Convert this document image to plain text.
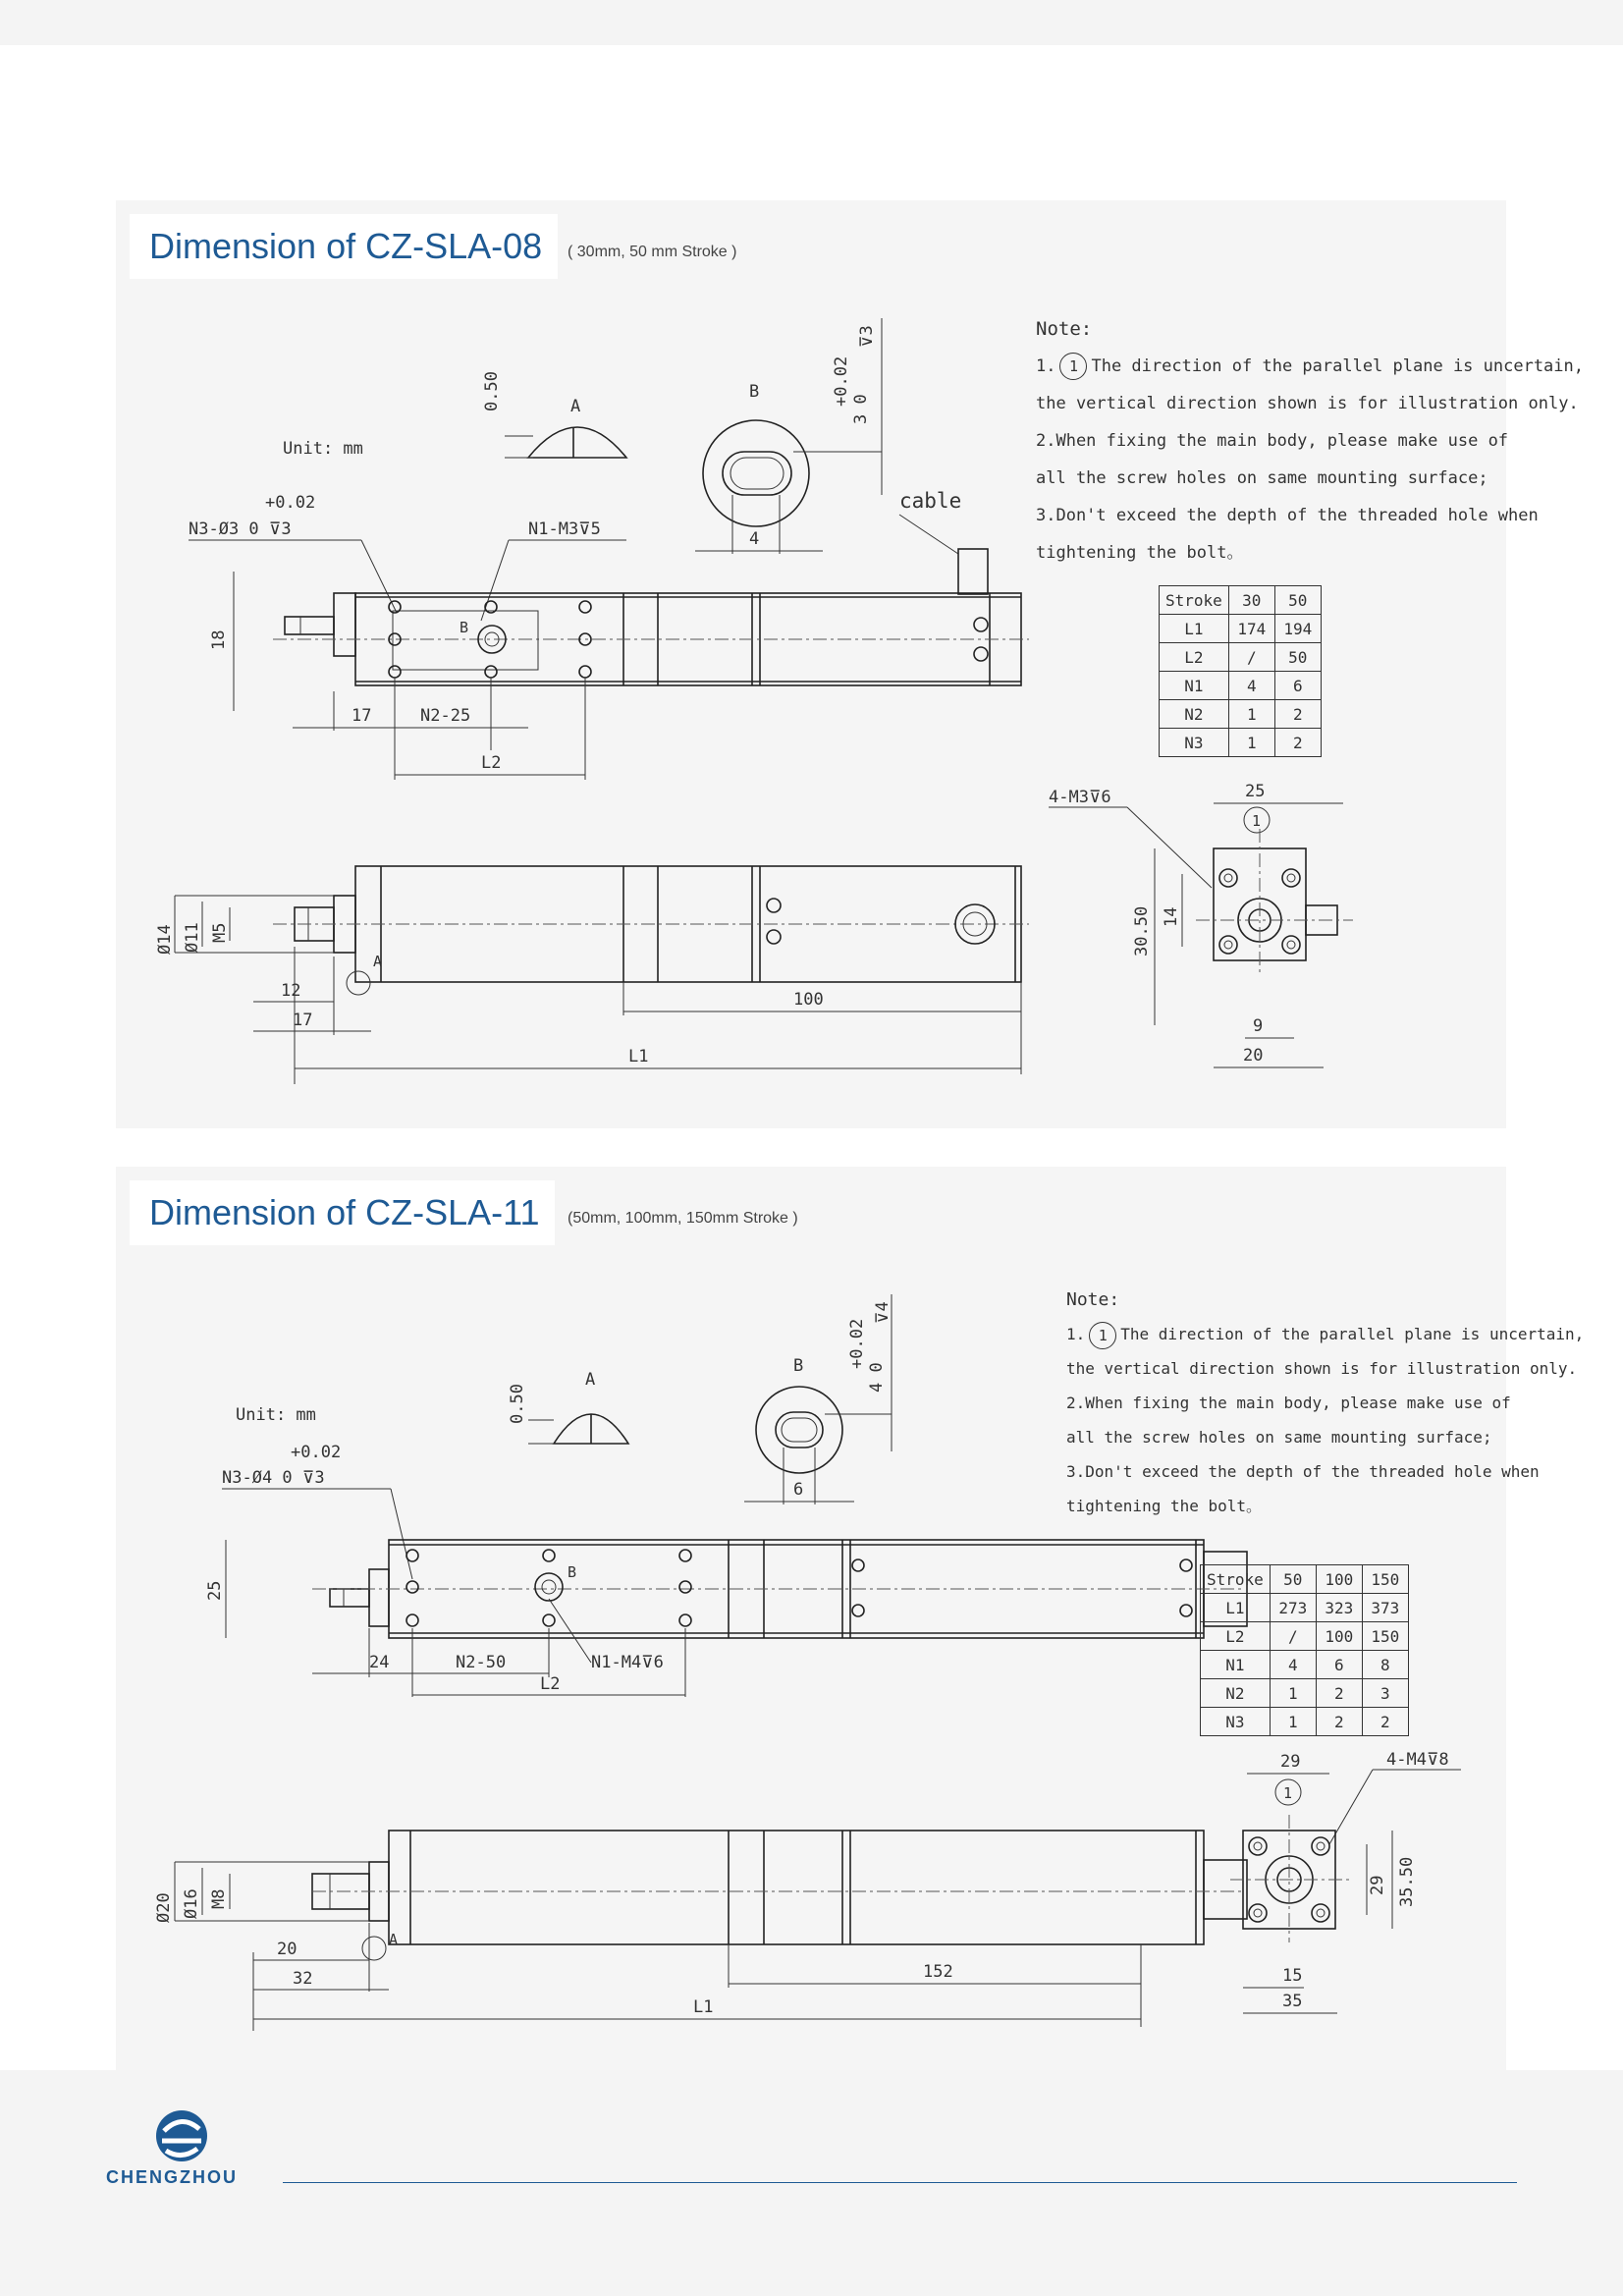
Dimension of CZ-SLA-08 ( 30mm, 50 mm Stroke )
Unit: mm
A
0.50	B
4
+0.02
3 0
⊽3
cable
+0.02
N3-Ø3 0 ⊽3	N1-M3⊽5
B
18
17	N2-25
L2
A
Ø14 Ø11 M5
12
17
100
L1
4-M3⊽6	25
1
30.50 14
9
20

Note:

1. 1 The direction of the parallel plane is uncertain,

the vertical direction shown is for illustration only.

2.When fixing the main body, please make use of

all the screw holes on same mounting surface;

3.Don't exceed the depth of the threaded hole when

tightening the bolt。

Stroke	30	50
L1	174	194
L2	/	50
N1	4	6
N2	1	2
N3	1	2
Dimension of CZ-SLA-11 (50mm, 100mm, 150mm Stroke )
Unit: mm
A
0.50
B
6
+0.02
4 0
⊽4
+0.02
N3-Ø4 0 ⊽3
B
25
24	N2-50	N1-M4⊽6
L2
A
Ø20 Ø16 M8
20
32	152
L1
29	4-M4⊽8
1
29 35.50
15
35

Note:

1. 1 The direction of the parallel plane is uncertain,

the vertical direction shown is for illustration only.

2.When fixing the main body, please make use of

all the screw holes on same mounting surface;

3.Don't exceed the depth of the threaded hole when

tightening the bolt。

Stroke	50	100	150
L1	273	323	373
L2	/	100	150
N1	4	6	8
N2	1	2	3
N3	1	2	2
CHENGZHOU
